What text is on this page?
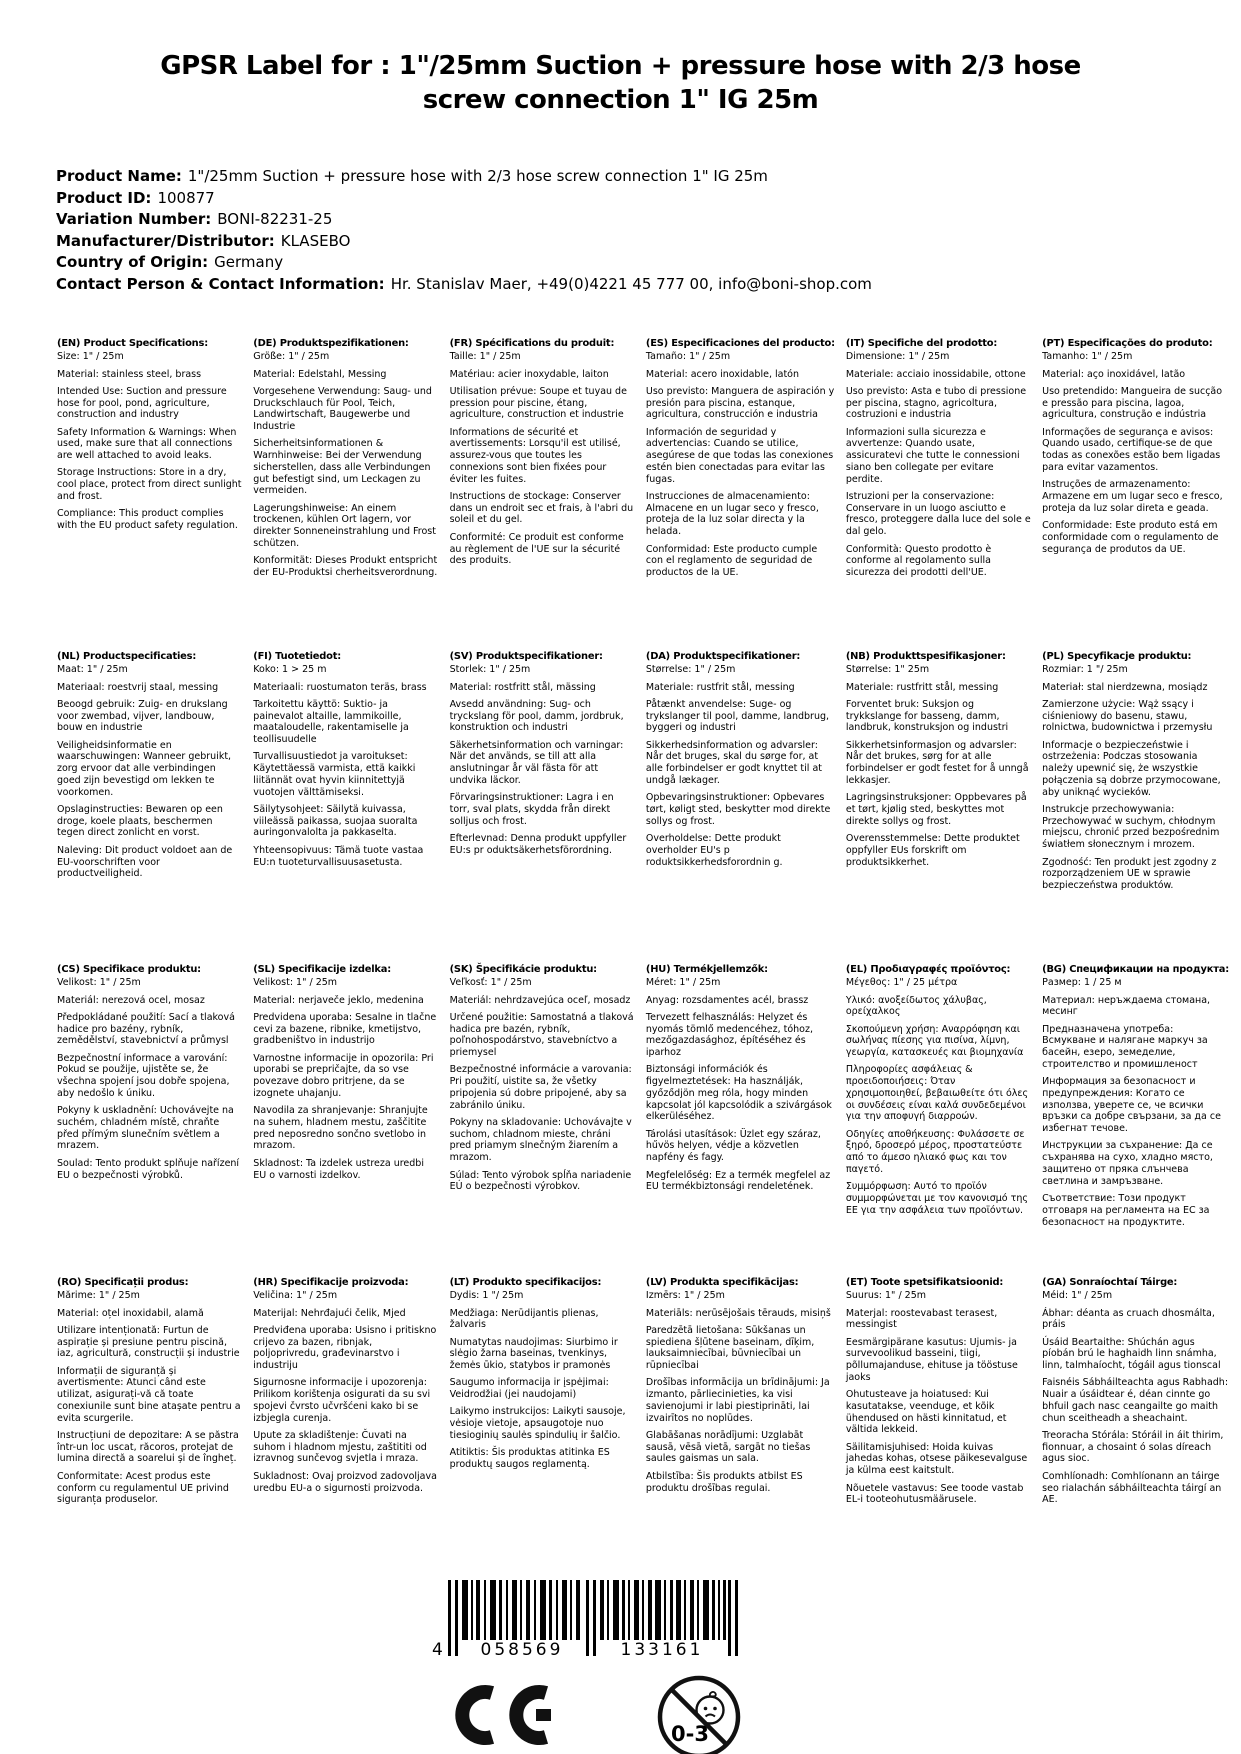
GPSR Label for : 1"/25mm Suction + pressure hose with 2/3 hose screw connection 1" IG 25m
Product Name: 1"/25mm Suction + pressure hose with 2/3 hose screw connection 1" IG 25m
Product ID: 100877
Variation Number: BONI-82231-25
Manufacturer/Distributor: KLASEBO
Country of Origin: Germany
Contact Person & Contact Information: Hr. Stanislav Maer, +49(0)4221 45 777 00, info@boni-shop.com
(EN) Product Specifications:

Size: 1" / 25m

Material: stainless steel, brass

Intended Use: Suction and pressure hose for pool, pond, agriculture, construction and industry

Safety Information & Warnings: When used, make sure that all connections are well attached to avoid leaks.

Storage Instructions: Store in a dry, cool place, protect from direct sunlight and frost.

Compliance: This product complies with the EU product safety regulation.

(DE) Produktspezifikationen:

Größe: 1" / 25m

Material: Edelstahl, Messing

Vorgesehene Verwendung: Saug- und Druckschlauch für Pool, Teich, Landwirtschaft, Baugewerbe und Industrie

Sicherheitsinformationen & Warnhinweise: Bei der Verwendung sicherstellen, dass alle Verbindungen gut befestigt sind, um Leckagen zu vermeiden.

Lagerungshinweise: An einem trockenen, kühlen Ort lagern, vor direkter Sonneneinstrahlung und Frost schützen.

Konformität: Dieses Produkt entspricht der EU-Produktsi cherheitsverordnung.

(FR) Spécifications du produit:

Taille: 1" / 25m

Matériau: acier inoxydable, laiton

Utilisation prévue: Soupe et tuyau de pression pour piscine, étang, agriculture, construction et industrie

Informations de sécurité et avertissements: Lorsqu'il est utilisé, assurez-vous que toutes les connexions sont bien fixées pour éviter les fuites.

Instructions de stockage: Conserver dans un endroit sec et frais, à l'abri du soleil et du gel.

Conformité: Ce produit est conforme au règlement de l'UE sur la sécurité des produits.

(ES) Especificaciones del producto:

Tamaño: 1" / 25m

Material: acero inoxidable, latón

Uso previsto: Manguera de aspiración y presión para piscina, estanque, agricultura, construcción e industria

Información de seguridad y advertencias: Cuando se utilice, asegúrese de que todas las conexiones estén bien conectadas para evitar las fugas.

Instrucciones de almacenamiento: Almacene en un lugar seco y fresco, proteja de la luz solar directa y la helada.

Conformidad: Este producto cumple con el reglamento de seguridad de productos de la UE.

(IT) Specifiche del prodotto:

Dimensione: 1" / 25m

Materiale: acciaio inossidabile, ottone

Uso previsto: Asta e tubo di pressione per piscina, stagno, agricoltura, costruzioni e industria

Informazioni sulla sicurezza e avvertenze: Quando usate, assicuratevi che tutte le connessioni siano ben collegate per evitare perdite.

Istruzioni per la conservazione: Conservare in un luogo asciutto e fresco, proteggere dalla luce del sole e dal gelo.

Conformità: Questo prodotto è conforme al regolamento sulla sicurezza dei prodotti dell'UE.

(PT) Especificações do produto:

Tamanho: 1" / 25m

Material: aço inoxidável, latão

Uso pretendido: Mangueira de sucção e pressão para piscina, lagoa, agricultura, construção e indústria

Informações de segurança e avisos: Quando usado, certifique-se de que todas as conexões estão bem ligadas para evitar vazamentos.

Instruções de armazenamento: Armazene em um lugar seco e fresco, proteja da luz solar direta e geada.

Conformidade: Este produto está em conformidade com o regulamento de segurança de produtos da UE.

(NL) Productspecificaties:

Maat: 1" / 25m

Materiaal: roestvrij staal, messing

Beoogd gebruik: Zuig- en drukslang voor zwembad, vijver, landbouw, bouw en industrie

Veiligheidsinformatie en waarschuwingen: Wanneer gebruikt, zorg ervoor dat alle verbindingen goed zijn bevestigd om lekken te voorkomen.

Opslaginstructies: Bewaren op een droge, koele plaats, beschermen tegen direct zonlicht en vorst.

Naleving: Dit product voldoet aan de EU-voorschriften voor productveiligheid.

(FI) Tuotetiedot:

Koko: 1 > 25 m

Materiaali: ruostumaton teräs, brass

Tarkoitettu käyttö: Suktio- ja painevalot altaille, lammikoille, maataloudelle, rakentamiselle ja teollisuudelle

Turvallisuustiedot ja varoitukset: Käytettäessä varmista, että kaikki liitännät ovat hyvin kiinnitettyjä vuotojen välttämiseksi.

Säilytysohjeet: Säilytä kuivassa, viileässä paikassa, suojaa suoralta auringonvalolta ja pakkaselta.

Yhteensopivuus: Tämä tuote vastaa EU:n tuoteturvallisuusasetusta.

(SV) Produktspecifikationer:

Storlek: 1" / 25m

Material: rostfritt stål, mässing

Avsedd användning: Sug- och tryckslang för pool, damm, jordbruk, konstruktion och industri

Säkerhetsinformation och varningar: När det används, se till att alla anslutningar år väl fästa för att undvika läckor.

Förvaringsinstruktioner: Lagra i en torr, sval plats, skydda från direkt solljus och frost.

Efterlevnad: Denna produkt uppfyller EU:s pr oduktsäkerhetsförordning.

(DA) Produktspecifikationer:

Størrelse: 1" / 25m

Materiale: rustfrit stål, messing

Påtænkt anvendelse: Suge- og trykslanger til pool, damme, landbrug, byggeri og industri

Sikkerhedsinformation og advarsler: Når det bruges, skal du sørge for, at alle forbindelser er godt knyttet til at undgå lækager.

Opbevaringsinstruktioner: Opbevares tørt, køligt sted, beskytter mod direkte sollys og frost.

Overholdelse: Dette produkt overholder EU's p roduktsikkerhedsforordnin g.

(NB) Produkttspesifikasjoner:

Størrelse: 1" 25m

Materiale: rustfritt stål, messing

Forventet bruk: Suksjon og trykkslange for basseng, damm, landbruk, konstruksjon og industri

Sikkerhetsinformasjon og advarsler: Når det brukes, sørg for at alle forbindelser er godt festet for å unngå lekkasjer.

Lagringsinstruksjoner: Oppbevares på et tørt, kjølig sted, beskyttes mot direkte sollys og frost.

Overensstemmelse: Dette produktet oppfyller EUs forskrift om produktsikkerhet.

(PL) Specyfikacje produktu:

Rozmiar: 1 "/ 25m

Materiał: stal nierdzewna, mosiądz

Zamierzone użycie: Wąż ssący i ciśnieniowy do basenu, stawu, rolnictwa, budownictwa i przemysłu

Informacje o bezpieczeństwie i ostrzeżenia: Podczas stosowania należy upewnić się, że wszystkie połączenia są dobrze przymocowane, aby uniknąć wycieków.

Instrukcje przechowywania: Przechowywać w suchym, chłodnym miejscu, chronić przed bezpośrednim światłem słonecznym i mrozem.

Zgodność: Ten produkt jest zgodny z rozporządzeniem UE w sprawie bezpieczeństwa produktów.

(CS) Specifikace produktu:

Velikost: 1" / 25m

Materiál: nerezová ocel, mosaz

Předpokládané použití: Sací a tlaková hadice pro bazény, rybník, zemědělství, stavebnictví a průmysl

Bezpečnostní informace a varování: Pokud se použije, ujistěte se, že všechna spojení jsou dobře spojena, aby nedošlo k úniku.

Pokyny k uskladnění: Uchovávejte na suchém, chladném místě, chraňte před přímým slunečním světlem a mrazem.

Soulad: Tento produkt splňuje nařízení EU o bezpečnosti výrobků.

(SL) Specifikacije izdelka:

Velikost: 1" / 25m

Material: nerjaveče jeklo, medenina

Predvidena uporaba: Sesalne in tlačne cevi za bazene, ribnike, kmetijstvo, gradbeništvo in industrijo

Varnostne informacije in opozorila: Pri uporabi se prepričajte, da so vse povezave dobro pritrjene, da se izognete uhajanju.

Navodila za shranjevanje: Shranjujte na suhem, hladnem mestu, zaščitite pred neposredno sončno svetlobo in mrazom.

Skladnost: Ta izdelek ustreza uredbi EU o varnosti izdelkov.

(SK) Špecifikácie produktu:

Veľkosť: 1" / 25m

Materiál: nehrdzavejúca oceľ, mosadz

Určené použitie: Samostatná a tlaková hadica pre bazén, rybník, poľnohospodárstvo, stavebníctvo a priemysel

Bezpečnostné informácie a varovania: Pri použití, uistite sa, že všetky pripojenia sú dobre pripojené, aby sa zabránilo úniku.

Pokyny na skladovanie: Uchovávajte v suchom, chladnom mieste, chráni pred priamym slnečným žiarením a mrazom.

Súlad: Tento výrobok spĺňa nariadenie EÚ o bezpečnosti výrobkov.

(HU) Termékjellemzők:

Méret: 1" / 25m

Anyag: rozsdamentes acél, brassz

Tervezett felhasználás: Helyzet és nyomás tömlő medencéhez, tóhoz, mezőgazdasághoz, építéséhez és iparhoz

Biztonsági információk és figyelmeztetések: Ha használják, győződjön meg róla, hogy minden kapcsolat jól kapcsolódik a szivárgások elkerüléséhez.

Tárolási utasítások: Üzlet egy száraz, hűvös helyen, védje a közvetlen napfény és fagy.

Megfelelőség: Ez a termék megfelel az EU termékbiztonsági rendeletének.

(EL) Προδιαγραφές προϊόντος:

Μέγεθος: 1" / 25 μέτρα

Υλικό: ανοξείδωτος χάλυβας, ορείχαλκος

Σκοπούμενη χρήση: Αναρρόφηση και σωλήνας πίεσης για πισίνα, λίμνη, γεωργία, κατασκευές και βιομηχανία

Πληροφορίες ασφάλειας & προειδοποιήσεις: Όταν χρησιμοποιηθεί, βεβαιωθείτε ότι όλες οι συνδέσεις είναι καλά συνδεδεμένοι για την αποφυγή διαρροών.

Οδηγίες αποθήκευσης: Φυλάσσετε σε ξηρό, δροσερό μέρος, προστατεύστε από το άμεσο ηλιακό φως και τον παγετό.

Συμμόρφωση: Αυτό το προϊόν συμμορφώνεται με τον κανονισμό της ΕΕ για την ασφάλεια των προϊόντων.

(BG) Спецификации на продукта:

Размер: 1 / 25 м

Материал: неръждаема стомана, месинг

Предназначена употреба: Всмукване и налягане маркуч за басейн, езеро, земеделие, строителство и промишленост

Информация за безопасност и предупреждения: Когато се използва, уверете се, че всички връзки са добре свързани, за да се избегнат течове.

Инструкции за съхранение: Да се съхранява на сухо, хладно място, защитено от пряка слънчева светлина и замръзване.

Съответствие: Този продукт отговаря на регламента на ЕС за безопасност на продуктите.

(RO) Specificații produs:

Mărime: 1" / 25m

Material: oțel inoxidabil, alamă

Utilizare intenționată: Furtun de aspirație și presiune pentru piscină, iaz, agricultură, construcții și industrie

Informații de siguranță și avertismente: Atunci când este utilizat, asigurați-vă că toate conexiunile sunt bine atașate pentru a evita scurgerile.

Instrucțiuni de depozitare: A se păstra într-un loc uscat, răcoros, protejat de lumina directă a soarelui și de îngheț.

Conformitate: Acest produs este conform cu regulamentul UE privind siguranța produselor.

(HR) Specifikacije proizvoda:

Veličina: 1" / 25m

Materijal: Nehrđajući čelik, Mjed

Predviđena uporaba: Usisno i pritiskno crijevo za bazen, ribnjak, poljoprivredu, građevinarstvo i industriju

Sigurnosne informacije i upozorenja: Prilikom korištenja osigurati da su svi spojevi čvrsto učvršćeni kako bi se izbjegla curenja.

Upute za skladištenje: Čuvati na suhom i hladnom mjestu, zaštititi od izravnog sunčevog svjetla i mraza.

Sukladnost: Ovaj proizvod zadovoljava uredbu EU-a o sigurnosti proizvoda.

(LT) Produkto specifikacijos:

Dydis: 1 "/ 25m

Medžiaga: Nerūdijantis plienas, žalvaris

Numatytas naudojimas: Siurbimo ir slėgio žarna baseinas, tvenkinys, žemės ūkio, statybos ir pramonės

Saugumo informacija ir įspėjimai: Veidrodžiai (jei naudojami)

Laikymo instrukcijos: Laikyti sausoje, vėsioje vietoje, apsaugotoje nuo tiesioginių saulės spindulių ir šalčio.

Atitiktis: Šis produktas atitinka ES produktų saugos reglamentą.

(LV) Produkta specifikācijas:

Izmērs: 1" / 25m

Materiāls: nerūsējošais tērauds, misiņš

Paredzētā lietošana: Sūkšanas un spiediena šļūtene baseinam, dīķim, lauksaimniecībai, būvniecībai un rūpniecībai

Drošības informācija un brīdinājumi: Ja izmanto, pārliecinieties, ka visi savienojumi ir labi piestiprināti, lai izvairītos no noplūdes.

Glabāšanas norādījumi: Uzglabāt sausā, vēsā vietā, sargāt no tiešas saules gaismas un sala.

Atbilstība: Šis produkts atbilst ES produktu drošības regulai.

(ET) Toote spetsifikatsioonid:

Suurus: 1" / 25m

Materjal: roostevabast terasest, messingist

Eesmärgipärane kasutus: Ujumis- ja survevoolikud basseini, tiigi, põllumajanduse, ehituse ja tööstuse jaoks

Ohutusteave ja hoiatused: Kui kasutatakse, veenduge, et kõik ühendused on hästi kinnitatud, et vältida lekkeid.

Säilitamisjuhised: Hoida kuivas jahedas kohas, otsese päikesevalguse ja külma eest kaitstult.

Nõuetele vastavus: See toode vastab EL-i tooteohutusmäärusele.

(GA) Sonraíochtaí Táirge:

Méid: 1" / 25m

Ábhar: déanta as cruach dhosmálta, práis

Úsáid Beartaithe: Shúchán agus píobán brú le haghaidh linn snámha, linn, talmhaíocht, tógáil agus tionscal

Faisnéis Sábháilteachta agus Rabhadh: Nuair a úsáidtear é, déan cinnte go bhfuil gach nasc ceangailte go maith chun sceitheadh a sheachaint.

Treoracha Stórála: Stóráil in áit thirim, fionnuar, a chosaint ó solas díreach agus sioc.

Comhlíonadh: Comhlíonann an táirge seo rialachán sábháilteachta táirgí an AE.

4 058569	133161
0-3
